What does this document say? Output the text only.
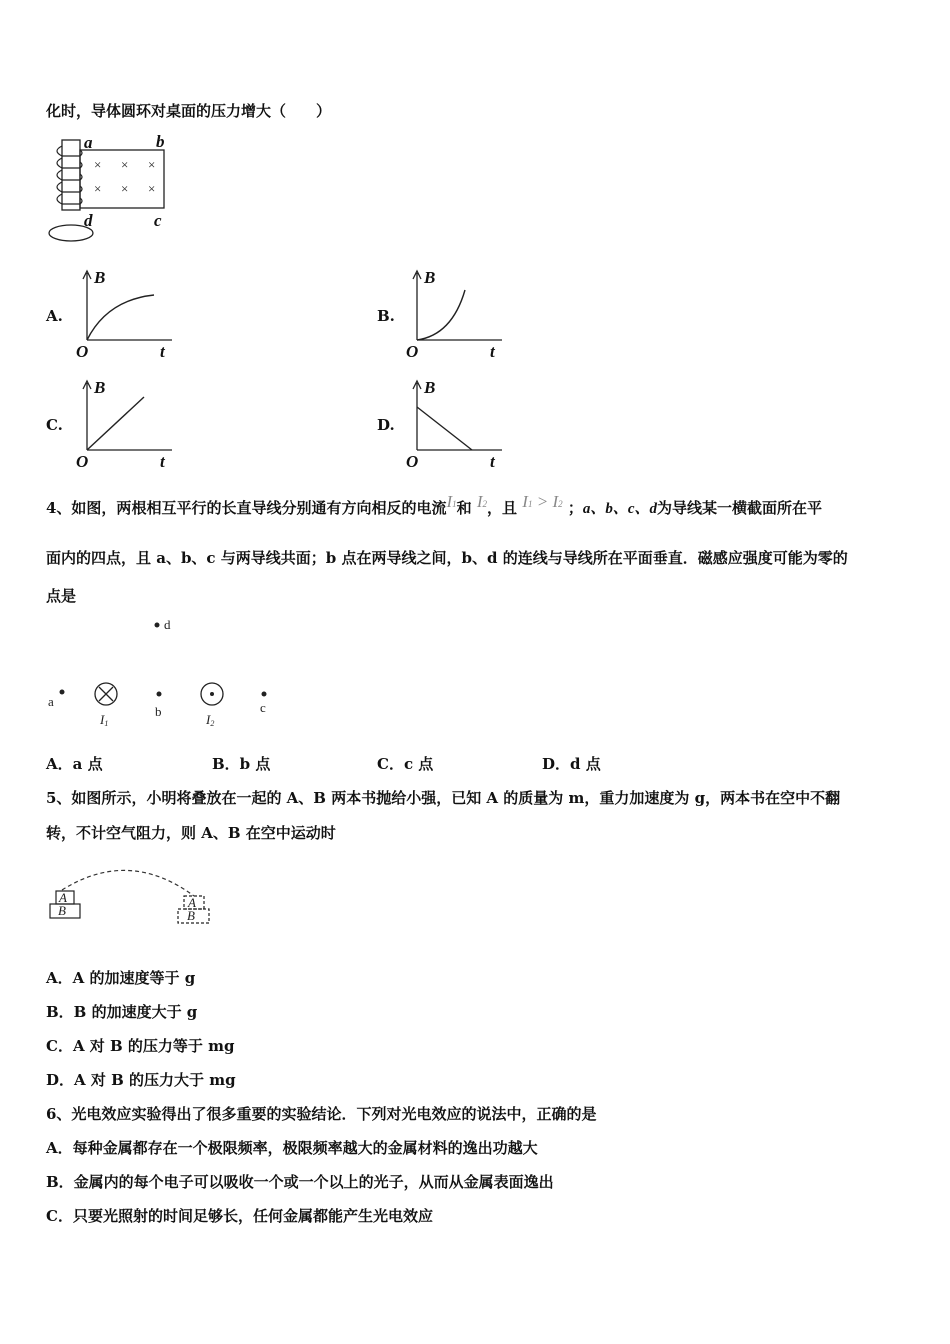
化时，导体圆环对桌面的压力增大（　　）
× × ×
× × ×
a	b
c
d
A.
B
O	t
B.
B
O	t
C.
B
O	t
D.
B
O	t
4、如图，两根相互平行的长直导线分别通有方向相反的电流I1和 I2，且 I1 > I2 ；a、b、c、d为导线某一横截面所在平
面内的四点，且 a、b、c 与两导线共面；b 点在两导线之间，b、d 的连线与导线所在平面垂直．磁感应强度可能为零的
点是
d
a
I1
b
I2
c
A．a 点	B．b 点	C．c 点	D．d 点
5、如图所示，小明将叠放在一起的 A、B 两本书抛给小强，已知 A 的质量为 m，重力加速度为 g，两本书在空中不翻
转，不计空气阻力，则 A、B 在空中运动时
A
B
A
B
A．A 的加速度等于 g
B．B 的加速度大于 g
C．A 对 B 的压力等于 mg
D．A 对 B 的压力大于 mg
6、光电效应实验得出了很多重要的实验结论．下列对光电效应的说法中，正确的是
A．每种金属都存在一个极限频率，极限频率越大的金属材料的逸出功越大
B．金属内的每个电子可以吸收一个或一个以上的光子，从而从金属表面逸出
C．只要光照射的时间足够长，任何金属都能产生光电效应
